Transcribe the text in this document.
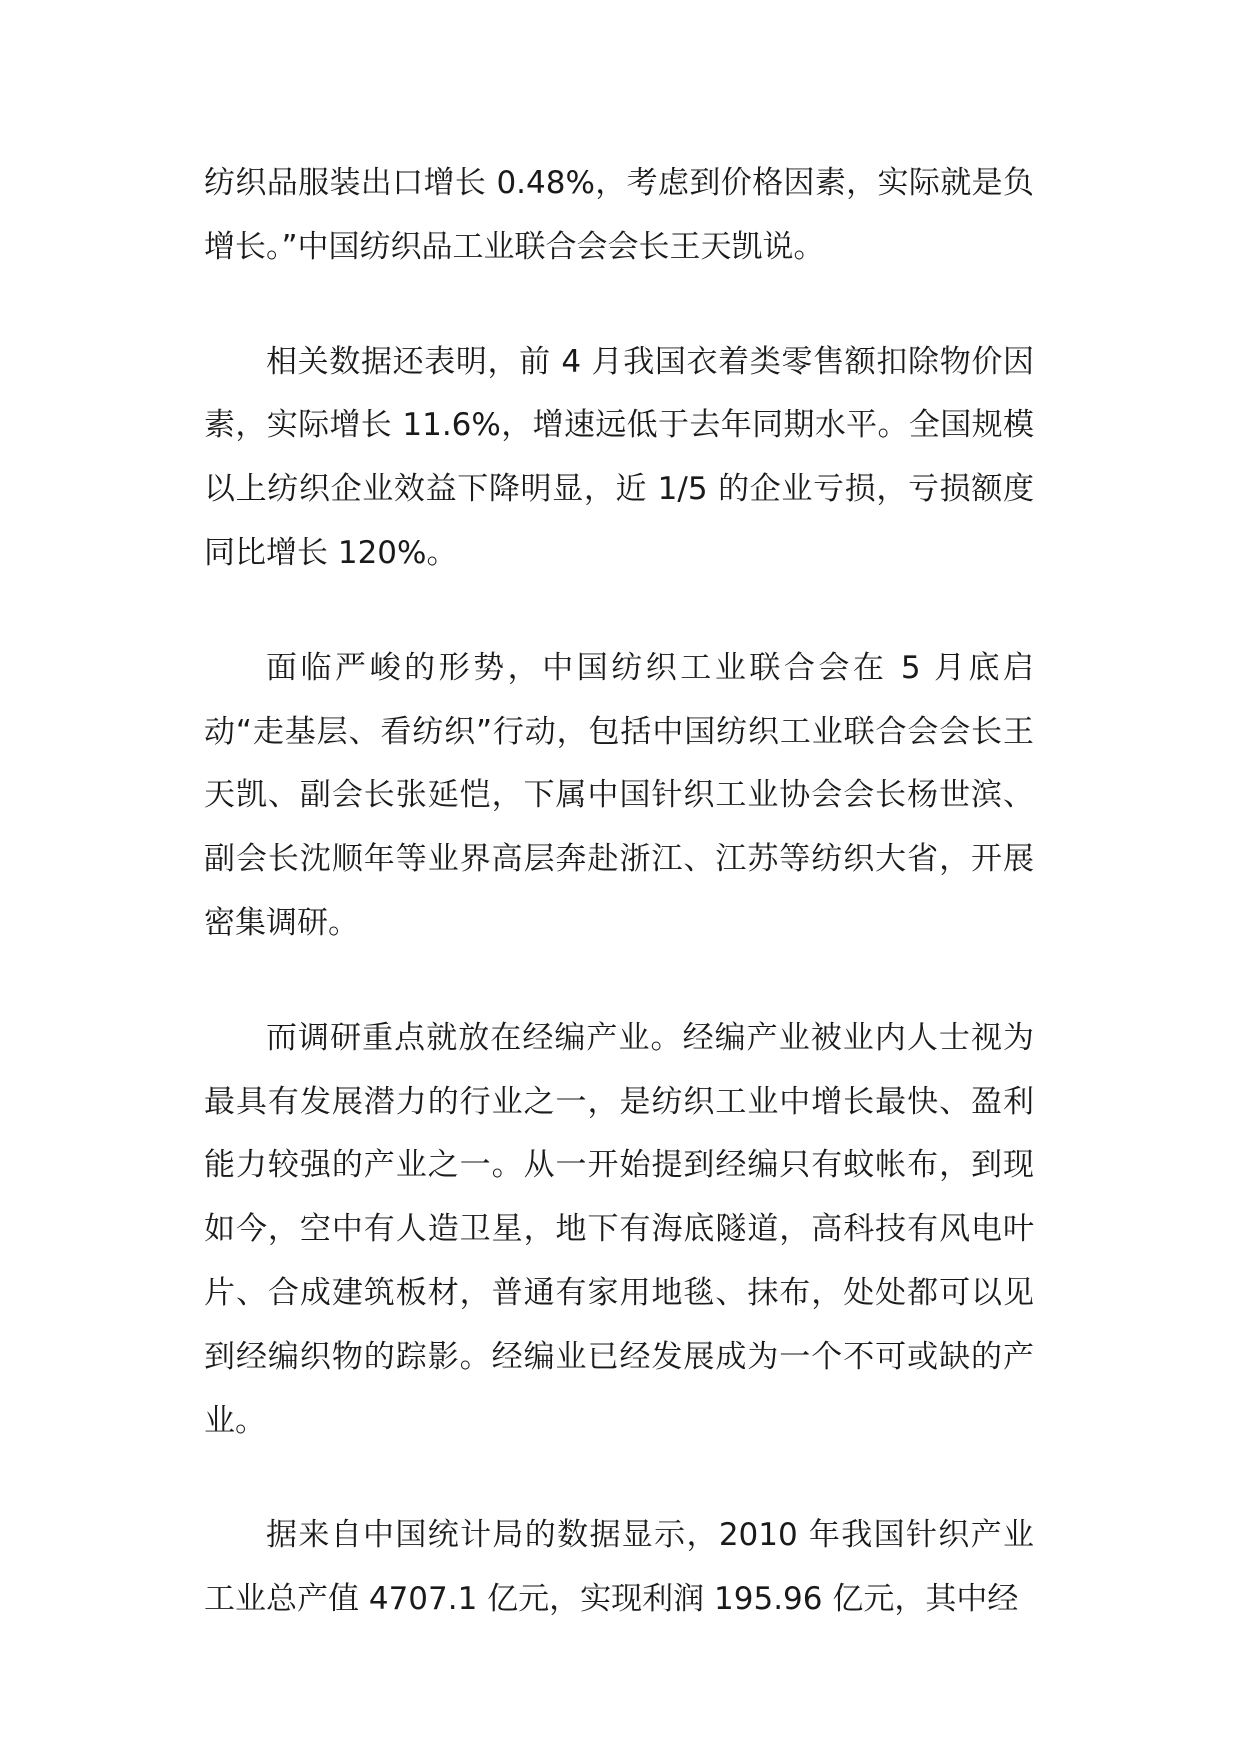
纺织品服装出口增长 0.48%，考虑到价格因素，实际就是负增长。”中国纺织品工业联合会会长王天凯说。

相关数据还表明，前 4 月我国衣着类零售额扣除物价因素，实际增长 11.6%，增速远低于去年同期水平。全国规模以上纺织企业效益下降明显，近 1/5 的企业亏损，亏损额度同比增长 120%。

面临严峻的形势，中国纺织工业联合会在 5 月底启动“走基层、看纺织”行动，包括中国纺织工业联合会会长王天凯、副会长张延恺，下属中国针织工业协会会长杨世滨、副会长沈顺年等业界高层奔赴浙江、江苏等纺织大省，开展密集调研。

而调研重点就放在经编产业。经编产业被业内人士视为最具有发展潜力的行业之一，是纺织工业中增长最快、盈利能力较强的产业之一。从一开始提到经编只有蚊帐布，到现如今，空中有人造卫星，地下有海底隧道，高科技有风电叶片、合成建筑板材，普通有家用地毯、抹布，处处都可以见到经编织物的踪影。经编业已经发展成为一个不可或缺的产业。

据来自中国统计局的数据显示，2010 年我国针织产业工业总产值 4707.1 亿元，实现利润 195.96 亿元，其中经
